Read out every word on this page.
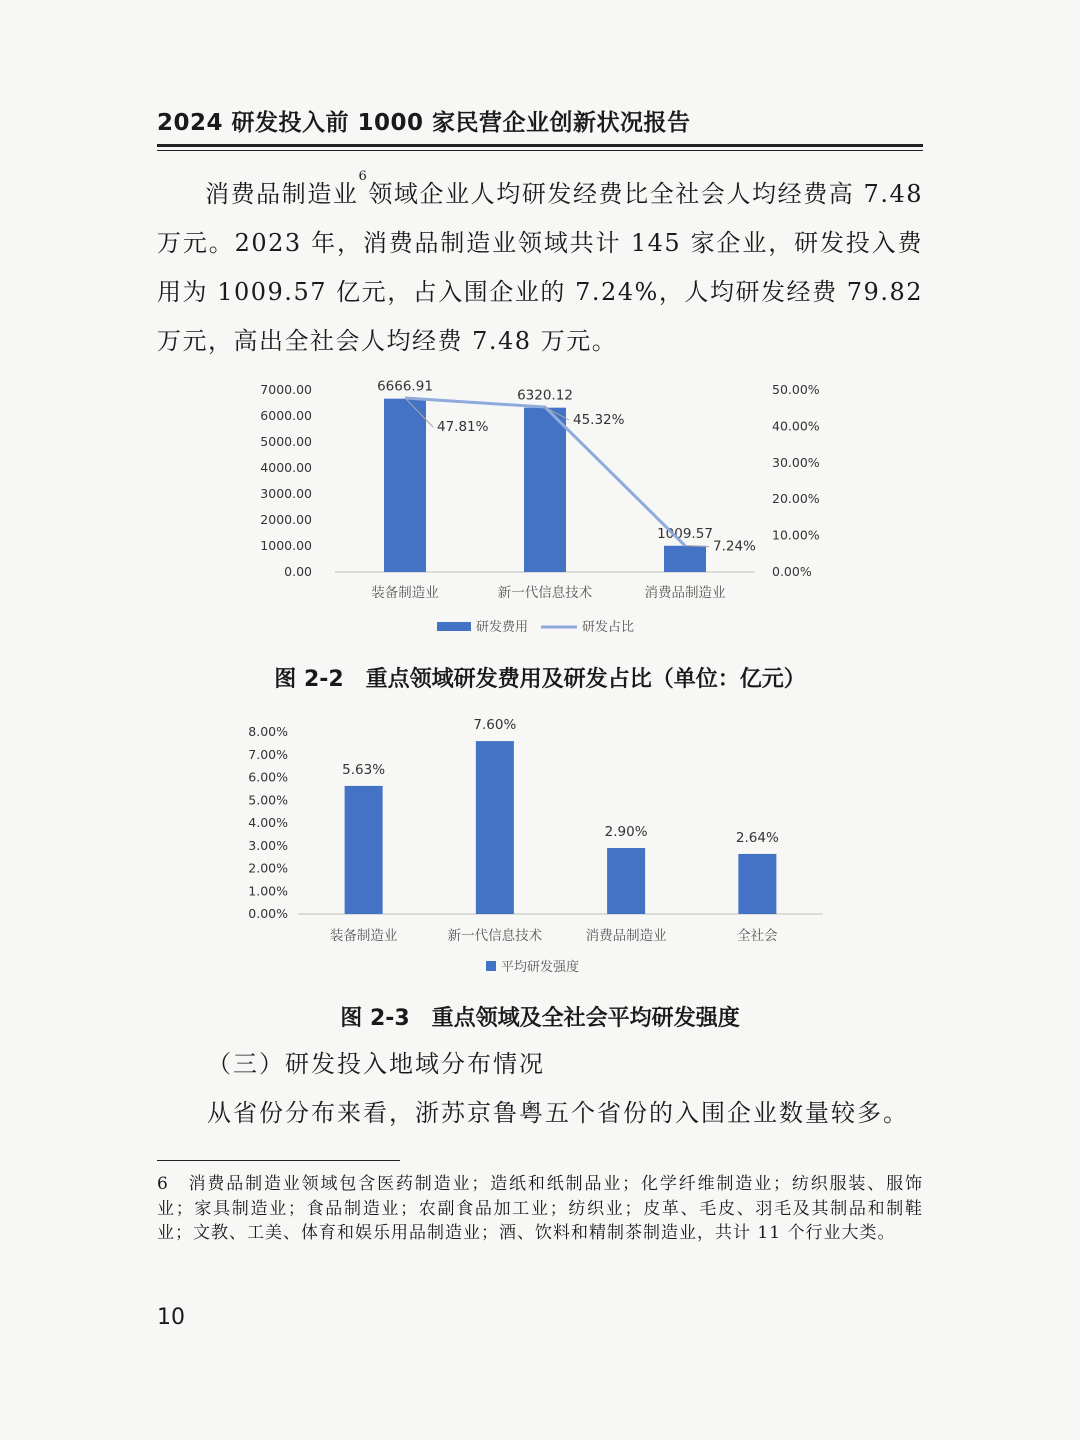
2024 研发投入前 1000 家民营企业创新状况报告
消费品制造业$^6$领域企业人均研发经费比全社会人均经费高 7.48 万元。2023 年，消费品制造业领域共计 145 家企业，研发投入费用为 1009.57 亿元，占入围企业的 7.24%，人均研发经费 79.82 万元，高出全社会人均经费 7.48 万元。
7000.00
6000.00
5000.00
4000.00
3000.00
2000.00
1000.00
0.00
50.00%
40.00%
30.00%
20.00%
10.00%
0.00%
6666.91
装备制造业
6320.12
新一代信息技术
1009.57
消费品制造业
47.81%	45.32%
7.24%
研发费用	研发占比
图 2-2　重点领域研发费用及研发占比（单位：亿元）
8.00%
7.00%
6.00%
5.00%
4.00%
3.00%
2.00%
1.00%
0.00%
5.63%
装备制造业
7.60%
新一代信息技术
2.90%
消费品制造业
2.64%
全社会
平均研发强度
图 2-3　重点领域及全社会平均研发强度
（三）研发投入地域分布情况
从省份分布来看，浙苏京鲁粤五个省份的入围企业数量较多。
6　消费品制造业领域包含医药制造业；造纸和纸制品业；化学纤维制造业；纺织服装、服饰业；家具制造业；食品制造业；农副食品加工业；纺织业；皮革、毛皮、羽毛及其制品和制鞋业；文教、工美、体育和娱乐用品制造业；酒、饮料和精制茶制造业，共计 11 个行业大类。
10
